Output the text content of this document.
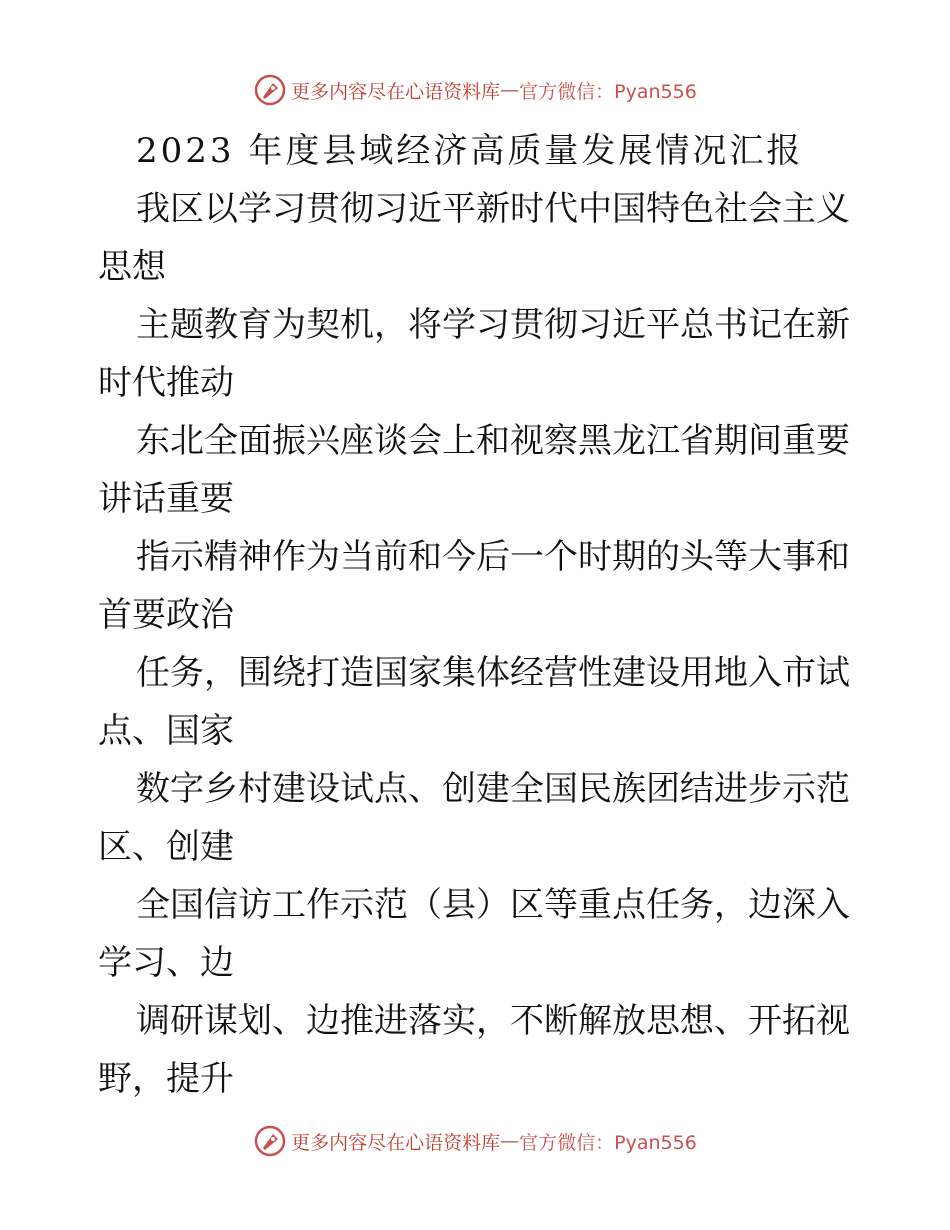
更多内容尽在心语资料库 — 官方微信：Pyan556
2023 年度县域经济高质量发展情况汇报
我区以学习贯彻习近平新时代中国特色社会主义
思想
主题教育为契机，将学习贯彻习近平总书记在新
时代推动
东北全面振兴座谈会上和视察黑龙江省期间重要
讲话重要
指示精神作为当前和今后一个时期的头等大事和
首要政治
任务，围绕打造国家集体经营性建设用地入市试
点、国家
数字乡村建设试点、创建全国民族团结进步示范
区、创建
全国信访工作示范（县）区等重点任务，边深入
学习、边
调研谋划、边推进落实，不断解放思想、开拓视
野，提升
更多内容尽在心语资料库 — 官方微信：Pyan556
